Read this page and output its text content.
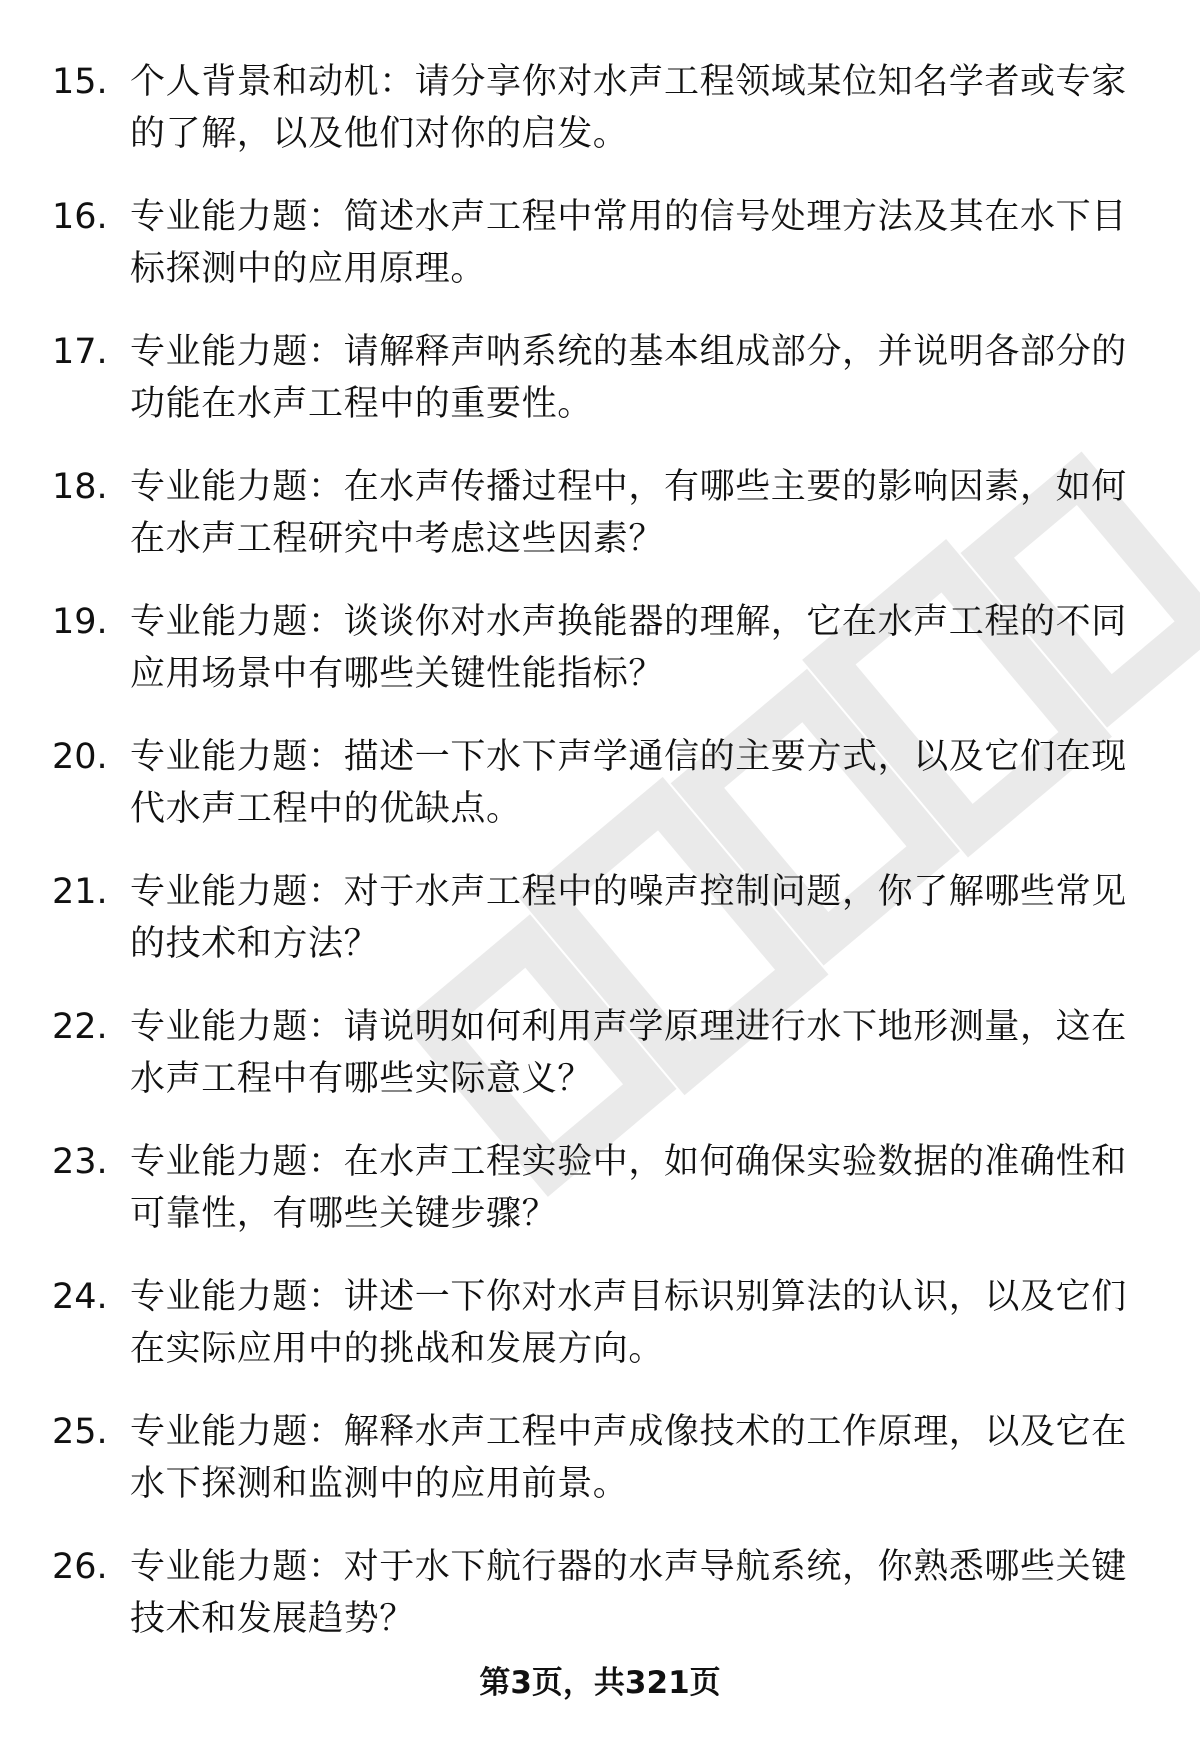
15. 个人背景和动机：请分享你对水声工程领域某位知名学者或专家的了解，以及他们对你的启发。
16. 专业能力题：简述水声工程中常用的信号处理方法及其在水下目标探测中的应用原理。
17. 专业能力题：请解释声呐系统的基本组成部分，并说明各部分的功能在水声工程中的重要性。
18. 专业能力题：在水声传播过程中，有哪些主要的影响因素，如何在水声工程研究中考虑这些因素？
19. 专业能力题：谈谈你对水声换能器的理解，它在水声工程的不同应用场景中有哪些关键性能指标？
20. 专业能力题：描述一下水下声学通信的主要方式，以及它们在现代水声工程中的优缺点。
21. 专业能力题：对于水声工程中的噪声控制问题，你了解哪些常见的技术和方法？
22. 专业能力题：请说明如何利用声学原理进行水下地形测量，这在水声工程中有哪些实际意义？
23. 专业能力题：在水声工程实验中，如何确保实验数据的准确性和可靠性，有哪些关键步骤？
24. 专业能力题：讲述一下你对水声目标识别算法的认识，以及它们在实际应用中的挑战和发展方向。
25. 专业能力题：解释水声工程中声成像技术的工作原理，以及它在水下探测和监测中的应用前景。
26. 专业能力题：对于水下航行器的水声导航系统，你熟悉哪些关键技术和发展趋势？
第3页，共321页
